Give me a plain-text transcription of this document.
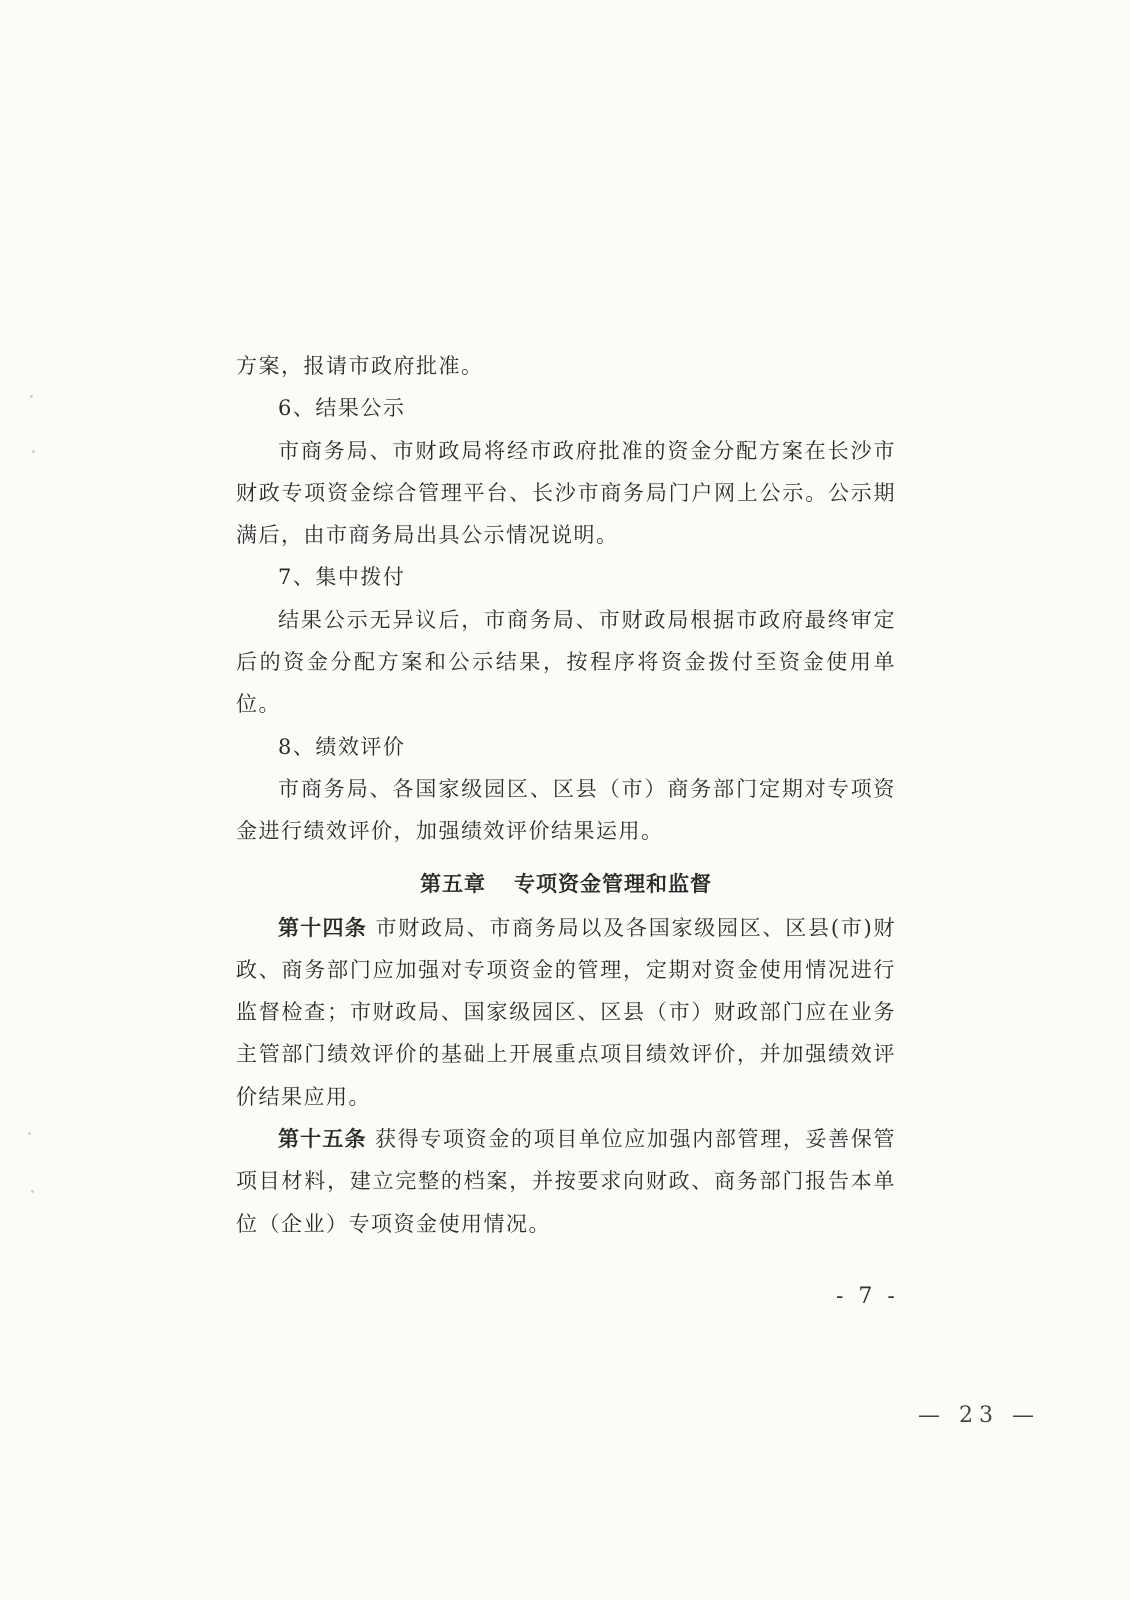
方案，报请市政府批准。

6、结果公示

市商务局、市财政局将经市政府批准的资金分配方案在长沙市财政专项资金综合管理平台、长沙市商务局门户网上公示。公示期满后，由市商务局出具公示情况说明。

7、集中拨付

结果公示无异议后，市商务局、市财政局根据市政府最终审定后的资金分配方案和公示结果，按程序将资金拨付至资金使用单位。

8、绩效评价

市商务局、各国家级园区、区县（市）商务部门定期对专项资金进行绩效评价，加强绩效评价结果运用。

第五章 专项资金管理和监督

第十四条 市财政局、市商务局以及各国家级园区、区县(市)财政、商务部门应加强对专项资金的管理，定期对资金使用情况进行监督检查；市财政局、国家级园区、区县（市）财政部门应在业务主管部门绩效评价的基础上开展重点项目绩效评价，并加强绩效评价结果应用。

第十五条 获得专项资金的项目单位应加强内部管理，妥善保管项目材料，建立完整的档案，并按要求向财政、商务部门报告本单位（企业）专项资金使用情况。

- 7 -
— 23 —
